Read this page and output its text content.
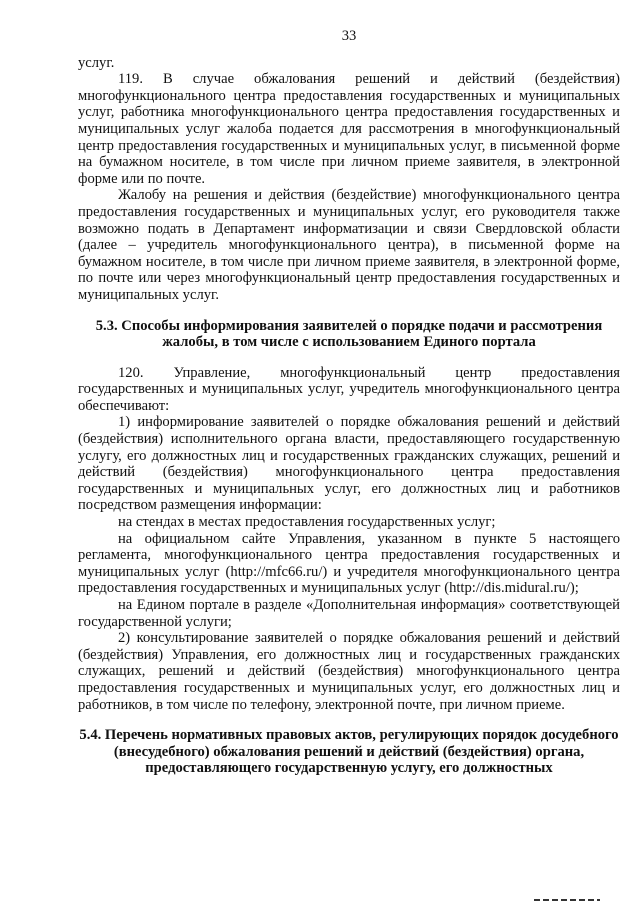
33

услуг.

119. В случае обжалования решений и действий (бездействия) многофункционального центра предоставления государственных и муниципальных услуг, работника многофункционального центра предоставления государственных и муниципальных услуг жалоба подается для рассмотрения в многофункциональный центр предоставления государственных и муниципальных услуг, в письменной форме на бумажном носителе, в том числе при личном приеме заявителя, в электронной форме или по почте.

Жалобу на решения и действия (бездействие) многофункционального центра предоставления государственных и муниципальных услуг, его руководителя также возможно подать в Департамент информатизации и связи Свердловской области (далее – учредитель многофункционального центра), в письменной форме на бумажном носителе, в том числе при личном приеме заявителя, в электронной форме, по почте или через многофункциональный центр предоставления государственных и муниципальных услуг.

5.3. Способы информирования заявителей о порядке подачи и рассмотрения жалобы, в том числе с использованием Единого портала

120. Управление, многофункциональный центр предоставления государственных и муниципальных услуг, учредитель многофункционального центра обеспечивают:

1) информирование заявителей о порядке обжалования решений и действий (бездействия) исполнительного органа власти, предоставляющего государственную услугу, его должностных лиц и государственных гражданских служащих, решений и действий (бездействия) многофункционального центра предоставления государственных и муниципальных услуг, его должностных лиц и работников посредством размещения информации:

на стендах в местах предоставления государственных услуг;

на официальном сайте Управления, указанном в пункте 5 настоящего регламента, многофункционального центра предоставления государственных и муниципальных услуг (http://mfc66.ru/) и учредителя многофункционального центра предоставления государственных и муниципальных услуг (http://dis.midural.ru/);

на Едином портале в разделе «Дополнительная информация» соответствующей государственной услуги;

2) консультирование заявителей о порядке обжалования решений и действий (бездействия) Управления, его должностных лиц и государственных гражданских служащих, решений и действий (бездействия) многофункционального центра предоставления государственных и муниципальных услуг, его должностных лиц и работников, в том числе по телефону, электронной почте, при личном приеме.

5.4. Перечень нормативных правовых актов, регулирующих порядок досудебного (внесудебного) обжалования решений и действий (бездействия) органа, предоставляющего государственную услугу, его должностных
